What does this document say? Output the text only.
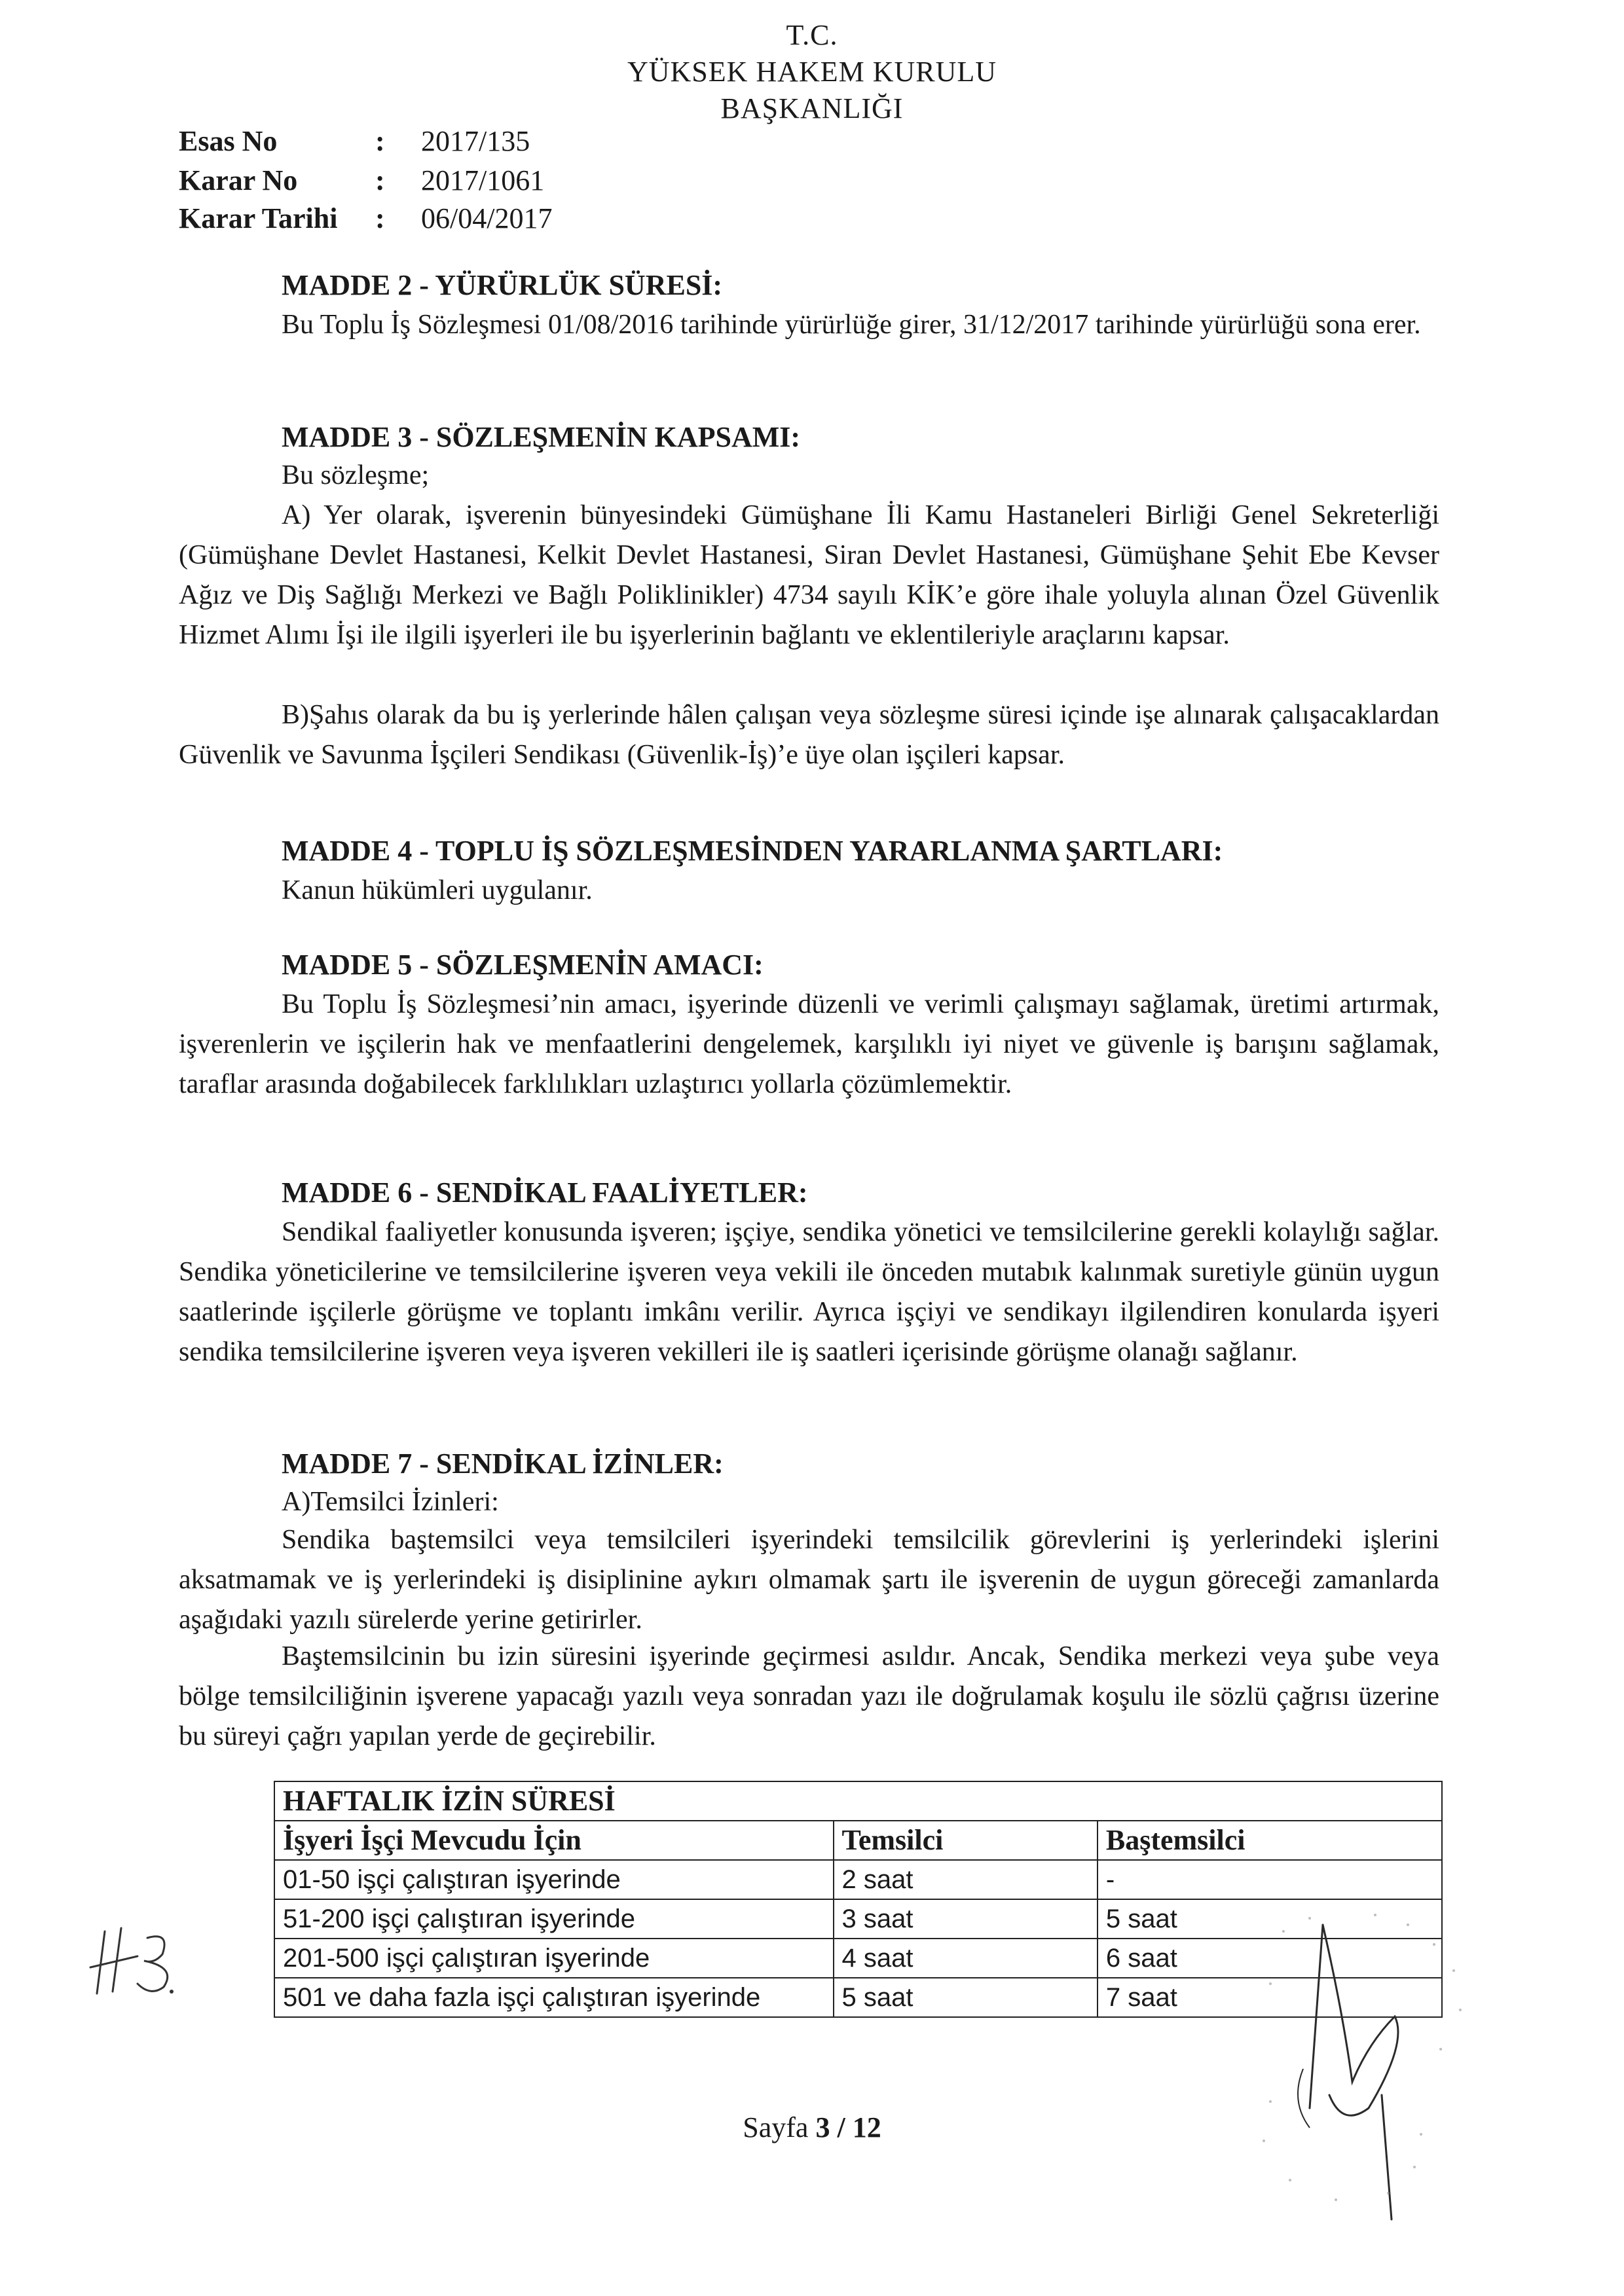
T.C.
YÜKSEK HAKEM KURULU
BAŞKANLIĞI
Esas No	: 2017/135
Karar No	: 2017/1061
Karar Tarihi : 06/04/2017
MADDE 2 - YÜRÜRLÜK SÜRESİ:
Bu Toplu İş Sözleşmesi 01/08/2016 tarihinde yürürlüğe girer, 31/12/2017 tarihinde yürürlüğü sona erer.
MADDE 3 - SÖZLEŞMENİN KAPSAMI:
Bu sözleşme;
A) Yer olarak, işverenin bünyesindeki Gümüşhane İli Kamu Hastaneleri Birliği Genel Sekreterliği (Gümüşhane Devlet Hastanesi, Kelkit Devlet Hastanesi, Siran Devlet Hastanesi, Gümüşhane Şehit Ebe Kevser Ağız ve Diş Sağlığı Merkezi ve Bağlı Poliklinikler) 4734 sayılı KİK’e göre ihale yoluyla alınan Özel Güvenlik Hizmet Alımı İşi ile ilgili işyerleri ile bu işyerlerinin bağlantı ve eklentileriyle araçlarını kapsar.
B)Şahıs olarak da bu iş yerlerinde hâlen çalışan veya sözleşme süresi içinde işe alınarak çalışacaklardan Güvenlik ve Savunma İşçileri Sendikası (Güvenlik-İş)’e üye olan işçileri kapsar.
MADDE 4 - TOPLU İŞ SÖZLEŞMESİNDEN YARARLANMA ŞARTLARI:
Kanun hükümleri uygulanır.
MADDE 5 - SÖZLEŞMENİN AMACI:
Bu Toplu İş Sözleşmesi’nin amacı, işyerinde düzenli ve verimli çalışmayı sağlamak, üretimi artırmak, işverenlerin ve işçilerin hak ve menfaatlerini dengelemek, karşılıklı iyi niyet ve güvenle iş barışını sağlamak, taraflar arasında doğabilecek farklılıkları uzlaştırıcı yollarla çözümlemektir.
MADDE 6 - SENDİKAL FAALİYETLER:
Sendikal faaliyetler konusunda işveren; işçiye, sendika yönetici ve temsilcilerine gerekli kolaylığı sağlar. Sendika yöneticilerine ve temsilcilerine işveren veya vekili ile önceden mutabık kalınmak suretiyle günün uygun saatlerinde işçilerle görüşme ve toplantı imkânı verilir. Ayrıca işçiyi ve sendikayı ilgilendiren konularda işyeri sendika temsilcilerine işveren veya işveren vekilleri ile iş saatleri içerisinde görüşme olanağı sağlanır.
MADDE 7 - SENDİKAL İZİNLER:
A)Temsilci İzinleri:
Sendika baştemsilci veya temsilcileri işyerindeki temsilcilik görevlerini iş yerlerindeki işlerini aksatmamak ve iş yerlerindeki iş disiplinine aykırı olmamak şartı ile işverenin de uygun göreceği zamanlarda aşağıdaki yazılı sürelerde yerine getirirler.
Baştemsilcinin bu izin süresini işyerinde geçirmesi asıldır. Ancak, Sendika merkezi veya şube veya bölge temsilciliğinin işverene yapacağı yazılı veya sonradan yazı ile doğrulamak koşulu ile sözlü çağrısı üzerine bu süreyi çağrı yapılan yerde de geçirebilir.
HAFTALIK İZİN SÜRESİ		
İşyeri İşçi Mevcudu İçin	Temsilci	Baştemsilci
01-50 işçi çalıştıran işyerinde	2 saat	-
51-200 işçi çalıştıran işyerinde	3 saat	5 saat
201-500 işçi çalıştıran işyerinde	4 saat	6 saat

501 ve daha fazla işçi çalıştıran işyerinde	5 saat	7 saat
Sayfa 3 / 12
